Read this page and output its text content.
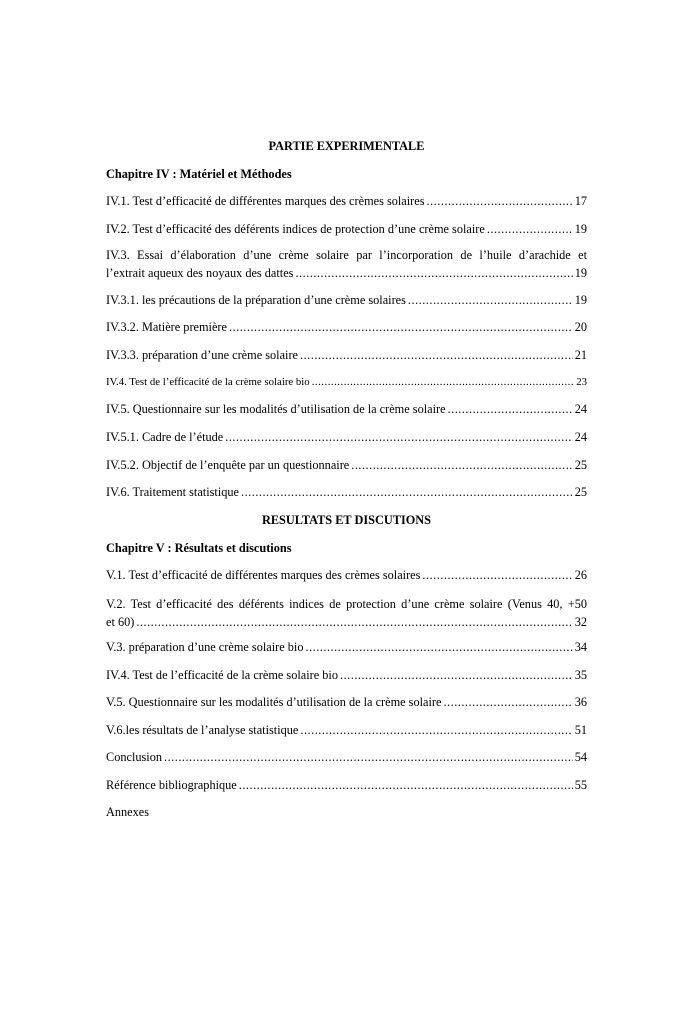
PARTIE EXPERIMENTALE
Chapitre IV : Matériel et Méthodes
IV.1. Test d’efficacité de différentes marques des crèmes solaires .....	17
IV.2. Test d’efficacité des déférents indices de protection d’une crème solaire .....	19
IV.3. Essai d’élaboration d’une crème solaire par l’incorporation de l’huile d’arachide et
l’extrait aqueux des noyaux des dattes .....	19
IV.3.1. les précautions de la préparation d’une crème solaires .....	19
IV.3.2. Matière première .....	20
IV.3.3. préparation d’une crème solaire .....	21
IV.4. Test de l’efficacité de la crème solaire bio .....	23
IV.5. Questionnaire sur les modalités d’utilisation de la crème solaire .....	24
IV.5.1. Cadre de l’étude .....	24
IV.5.2. Objectif de l’enquête par un questionnaire .....	25
IV.6. Traitement statistique .....	25
RESULTATS ET DISCUTIONS
Chapitre V : Résultats et discutions
V.1. Test d’efficacité de différentes marques des crèmes solaires .....	26
V.2. Test d’efficacité des déférents indices de protection d’une crème solaire (Venus 40, +50
et 60) .....	32
V.3. préparation d’une crème solaire bio .....	34
IV.4. Test de l’efficacité de la crème solaire bio .....	35
V.5. Questionnaire sur les modalités d’utilisation de la crème solaire .....	36
V.6.les résultats de l’analyse statistique .....	51
Conclusion .....	54
Référence bibliographique .....	55
Annexes
